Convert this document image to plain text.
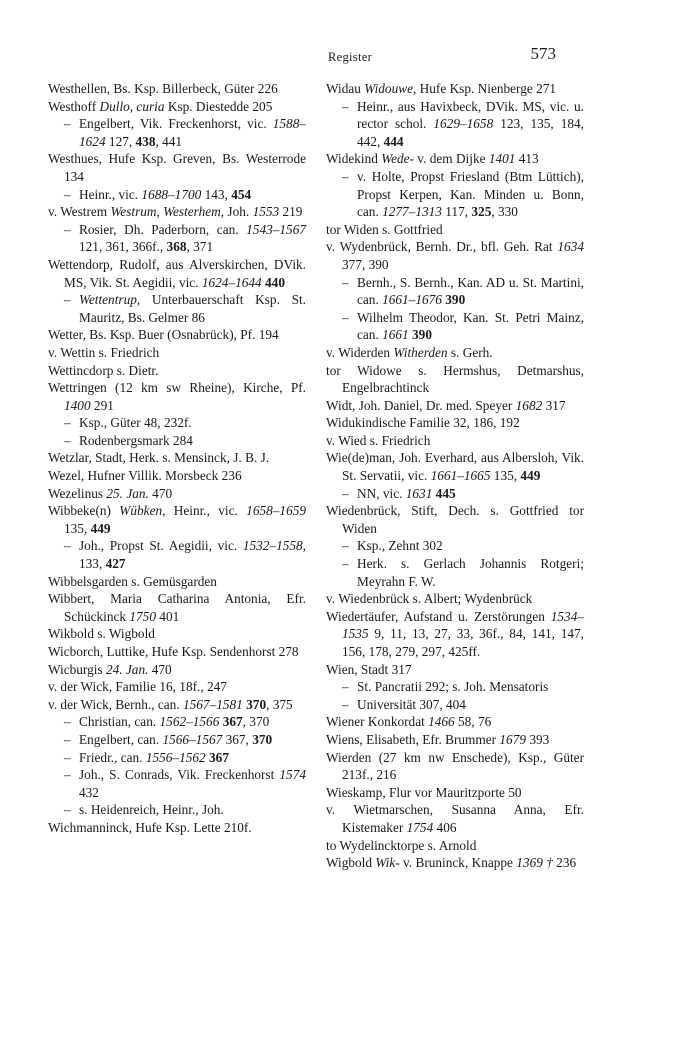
Register	573

Westhellen, Bs. Ksp. Billerbeck, Güter 226

Westhoff Dullo, curia Ksp. Diestedde 205

– Engelbert, Vik. Freckenhorst, vic. 1588–1624 127, 438, 441

Westhues, Hufe Ksp. Greven, Bs. Westerrode 134

– Heinr., vic. 1688–1700 143, 454

v. Westrem Westrum, Westerhem, Joh. 1553 219

– Rosier, Dh. Paderborn, can. 1543–1567 121, 361, 366f., 368, 371

Wettendorp, Rudolf, aus Alverskirchen, DVik. MS, Vik. St. Aegidii, vic. 1624–1644 440

– Wettentrup, Unterbauerschaft Ksp. St. Mauritz, Bs. Gelmer 86

Wetter, Bs. Ksp. Buer (Osnabrück), Pf. 194

v. Wettin s. Friedrich

Wettincdorp s. Dietr.

Wettringen (12 km sw Rheine), Kirche, Pf. 1400 291

– Ksp., Güter 48, 232f.

– Rodenbergsmark 284

Wetzlar, Stadt, Herk. s. Mensinck, J. B. J.

Wezel, Hufner Villik. Morsbeck 236

Wezelinus 25. Jan. 470

Wibbeke(n) Wübken, Heinr., vic. 1658–1659 135, 449

– Joh., Propst St. Aegidii, vic. 1532–1558, 133, 427

Wibbelsgarden s. Gemüsgarden

Wibbert, Maria Catharina Antonia, Efr. Schückinck 1750 401

Wikbold s. Wigbold

Wicborch, Luttike, Hufe Ksp. Sendenhorst 278

Wicburgis 24. Jan. 470

v. der Wick, Familie 16, 18f., 247

v. der Wick, Bernh., can. 1567–1581 370, 375

– Christian, can. 1562–1566 367, 370

– Engelbert, can. 1566–1567 367, 370

– Friedr., can. 1556–1562 367

– Joh., S. Conrads, Vik. Freckenhorst 1574 432

– s. Heidenreich, Heinr., Joh.

Wichmanninck, Hufe Ksp. Lette 210f.

Widau Widouwe, Hufe Ksp. Nienberge 271

– Heinr., aus Havixbeck, DVik. MS, vic. u. rector schol. 1629–1658 123, 135, 184, 442, 444

Widekind Wede- v. dem Dijke 1401 413

– v. Holte, Propst Friesland (Btm Lüttich), Propst Kerpen, Kan. Minden u. Bonn, can. 1277–1313 117, 325, 330

tor Widen s. Gottfried

v. Wydenbrück, Bernh. Dr., bfl. Geh. Rat 1634 377, 390

– Bernh., S. Bernh., Kan. AD u. St. Martini, can. 1661–1676 390

– Wilhelm Theodor, Kan. St. Petri Mainz, can. 1661 390

v. Widerden Witherden s. Gerh.

tor Widowe s. Hermshus, Detmarshus, Engelbrachtinck

Widt, Joh. Daniel, Dr. med. Speyer 1682 317

Widukindische Familie 32, 186, 192

v. Wied s. Friedrich

Wie(de)man, Joh. Everhard, aus Albersloh, Vik. St. Servatii, vic. 1661–1665 135, 449

– NN, vic. 1631 445

Wiedenbrück, Stift, Dech. s. Gottfried tor Widen

– Ksp., Zehnt 302

– Herk. s. Gerlach Johannis Rotgeri; Meyrahn F. W.

v. Wiedenbrück s. Albert; Wydenbrück

Wiedertäufer, Aufstand u. Zerstörungen 1534–1535 9, 11, 13, 27, 33, 36f., 84, 141, 147, 156, 178, 279, 297, 425ff.

Wien, Stadt 317

– St. Pancratii 292; s. Joh. Mensatoris

– Universität 307, 404

Wiener Konkordat 1466 58, 76

Wiens, Elisabeth, Efr. Brummer 1679 393

Wierden (27 km nw Enschede), Ksp., Güter 213f., 216

Wieskamp, Flur vor Mauritzporte 50

v. Wietmarschen, Susanna Anna, Efr. Kistemaker 1754 406

to Wydelincktorpe s. Arnold

Wigbold Wik- v. Bruninck, Knappe 1369 † 236
